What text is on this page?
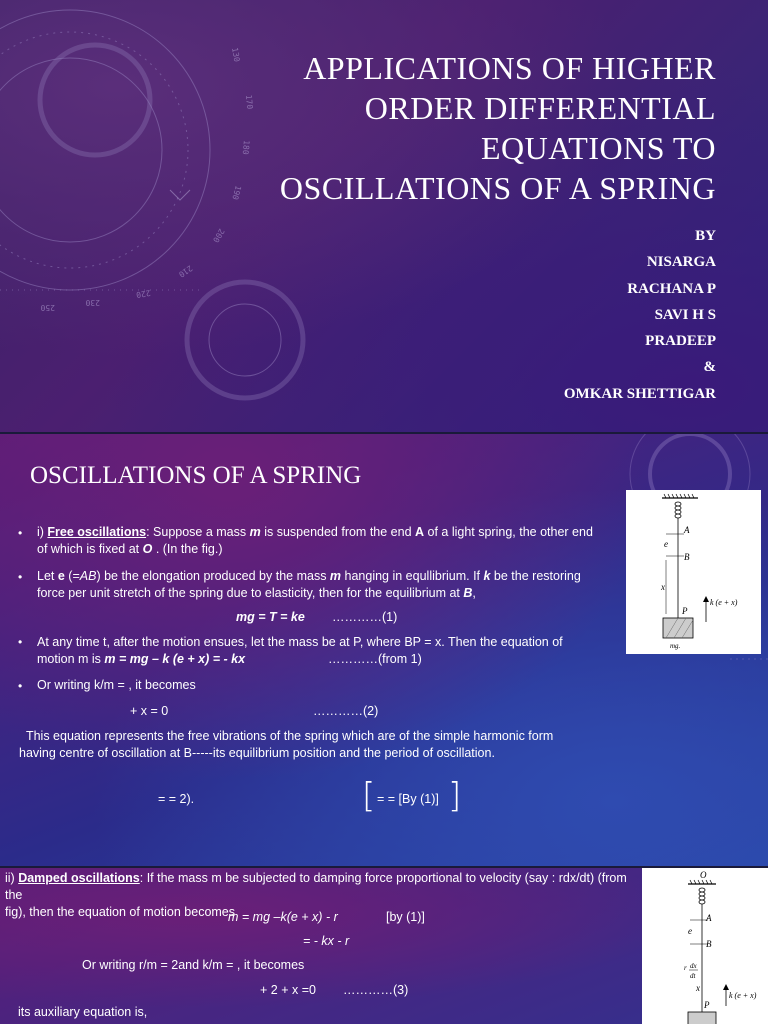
130
170
180
190
200
210
220
230
250
APPLICATIONS OF HIGHER
ORDER DIFFERENTIAL
EQUATIONS TO
OSCILLATIONS OF A SPRING
BY
NISARGA
RACHANA P
SAVI H S
PRADEEP
&
OMKAR SHETTIGAR
OSCILLATIONS OF A SPRING
• i) Free oscillations: Suppose a mass m is suspended from the end A of a light spring, the other end
of which is fixed at O . (In the fig.)
• Let e (=AB) be the elongation produced by the mass m hanging in equllibrium. If k be the restoring
force per unit stretch of the spring due to elasticity, then for the equilibrium at B,
mg = T = ke …………(1)
• At any time t, after the motion ensues, let the mass be at P, where BP = x. Then the equation of
motion m is m = mg – k (e + x) = - kx	…………(from 1)
• Or writing k/m = , it becomes
+ x = 0	…………(2)
This equation represents the free vibrations of the spring which are of the simple harmonic form
having centre of oscillation at B-----its equilibrium position and the period of oscillation.
= = 2).	[ = = [By (1)] ]
A
B
e
x
P
k (e + x)
mg.
ii) Damped oscillations: If the mass m be subjected to damping force proportional to velocity (say : rdx/dt) (from the
fig), then the equation of motion becomes
m = mg –k(e + x) - r	[by (1)]
= - kx - r
Or writing r/m = 2and k/m = , it becomes
+ 2 + x =0 …………(3)
its auxiliary equation is,
O
A
e
B
r dx
dt
x
P
k (e + x)
